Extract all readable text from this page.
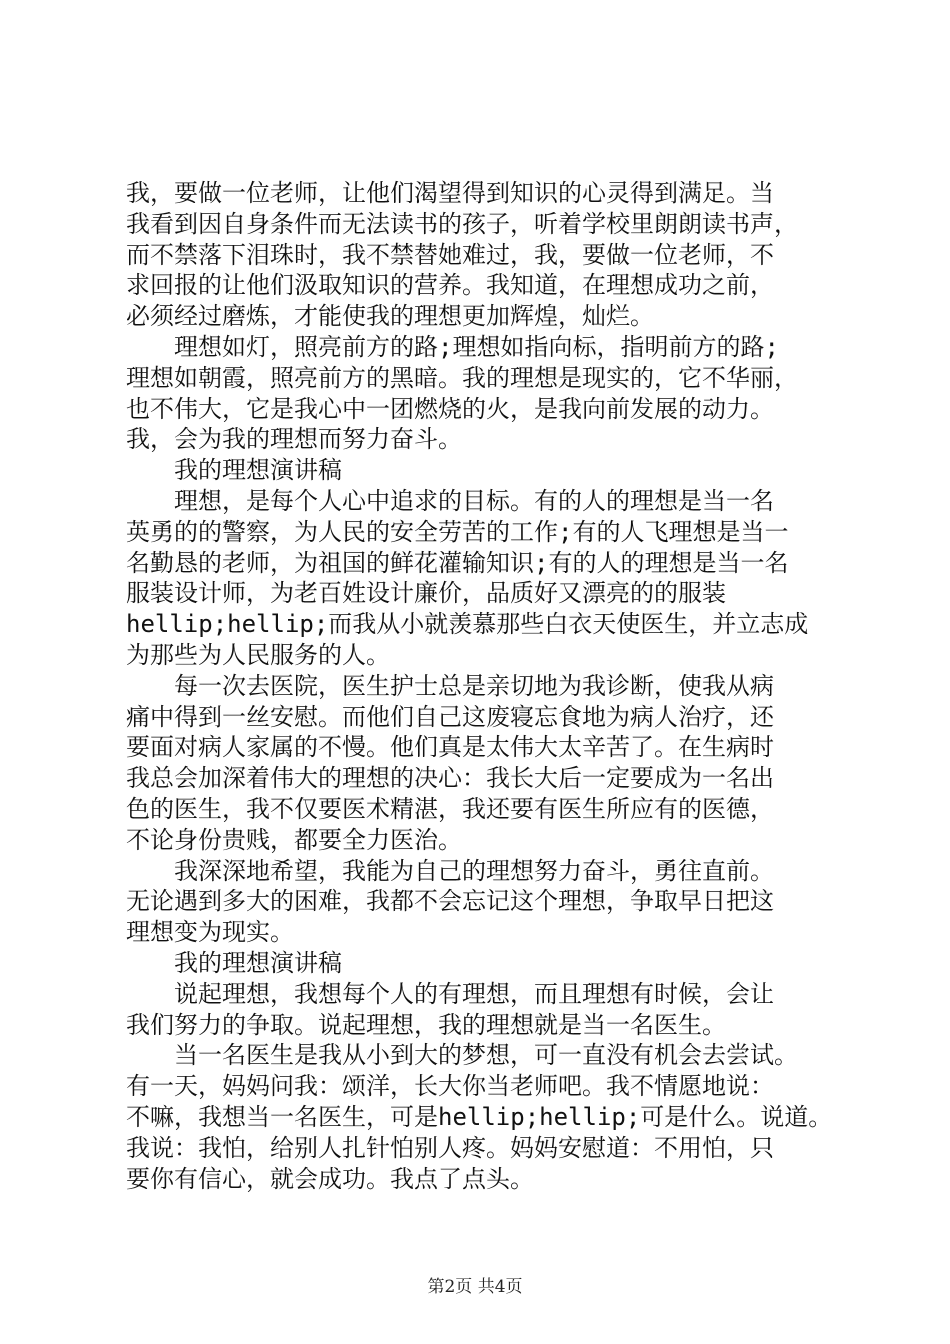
我，要做一位老师，让他们渴望得到知识的心灵得到满足。当
我看到因自身条件而无法读书的孩子，听着学校里朗朗读书声，
而不禁落下泪珠时，我不禁替她难过，我，要做一位老师，不
求回报的让他们汲取知识的营养。我知道，在理想成功之前，
必须经过磨炼，才能使我的理想更加辉煌，灿烂。
　　理想如灯，照亮前方的路;理想如指向标，指明前方的路;
理想如朝霞，照亮前方的黑暗。我的理想是现实的，它不华丽，
也不伟大，它是我心中一团燃烧的火，是我向前发展的动力。
我，会为我的理想而努力奋斗。
　　我的理想演讲稿
　　理想，是每个人心中追求的目标。有的人的理想是当一名
英勇的的警察，为人民的安全劳苦的工作;有的人飞理想是当一
名勤恳的老师，为祖国的鲜花灌输知识;有的人的理想是当一名
服装设计师，为老百姓设计廉价，品质好又漂亮的的服装
hellip;hellip;而我从小就羡慕那些白衣天使医生，并立志成
为那些为人民服务的人。
　　每一次去医院，医生护士总是亲切地为我诊断，使我从病
痛中得到一丝安慰。而他们自己这废寝忘食地为病人治疗，还
要面对病人家属的不慢。他们真是太伟大太辛苦了。在生病时
我总会加深着伟大的理想的决心：我长大后一定要成为一名出
色的医生，我不仅要医术精湛，我还要有医生所应有的医德，
不论身份贵贱，都要全力医治。
　　我深深地希望，我能为自己的理想努力奋斗，勇往直前。
无论遇到多大的困难，我都不会忘记这个理想，争取早日把这
理想变为现实。
　　我的理想演讲稿
　　说起理想，我想每个人的有理想，而且理想有时候，会让
我们努力的争取。说起理想，我的理想就是当一名医生。
　　当一名医生是我从小到大的梦想，可一直没有机会去尝试。
有一天，妈妈问我：颂洋，长大你当老师吧。我不情愿地说：
不嘛，我想当一名医生，可是hellip;hellip;可是什么。说道。
我说：我怕，给别人扎针怕别人疼。妈妈安慰道：不用怕，只
要你有信心，就会成功。我点了点头。
第2页 共4页
